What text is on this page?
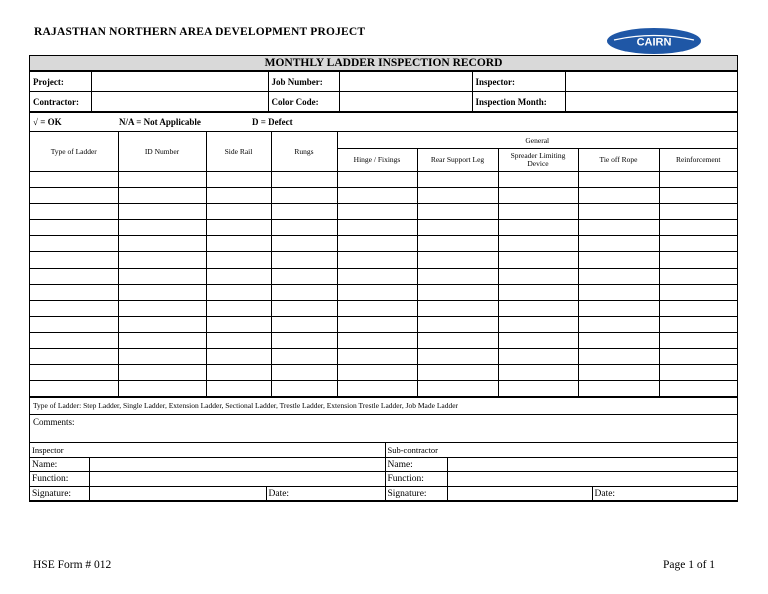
RAJASTHAN NORTHERN AREA DEVELOPMENT PROJECT
CAIRN
MONTHLY LADDER INSPECTION RECORD
Project:		Job Number:		Inspector:	
Contractor:		Color Code:		Inspection Month:	
√ = OK	N/A = Not Applicable	D = Defect
Type of Ladder	ID Number	Side Rail	Rungs	General				
				Hinge / Fixings	Rear Support Leg	Spreader Limiting Device	Tie off Rope	Reinforcement

Type of Ladder: Step Ladder, Single Ladder, Extension Ladder, Sectional Ladder, Trestle Ladder, Extension Trestle Ladder, Job Made Ladder
Comments:
Inspector			Sub-contractor		
Name:			Name:		
Function:			Function:		
Signature:		Date:	Signature:		Date:
HSE Form # 012	Page 1 of 1
